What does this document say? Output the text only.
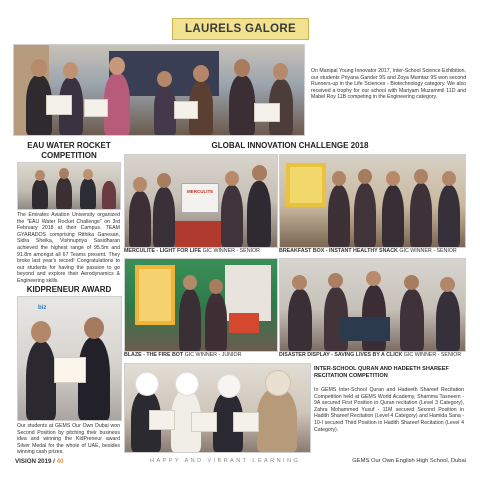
LAURELS GALORE
On Manipal Young Innovator 2017, Inter-School Science Exhibition, our students Priyana Gander 9S and Zoya Mumtaz 9S won second Runners-up in the Life Sciences - Biotechnology category. We also received a trophy for our school with Mariyam Muzammil 11D and Mabel Roy 11B competing in the Engineering category.
EAU WATER ROCKET COMPETITION
The Emirates Aviation University organized the "EAU Water Rocket Challenge" on 3rd February 2018 at their Campus. TEAM GYARADOS comprising Rithika Ganesan, Sidra Sheika, Vishnupriya Sasidharan achieved the highest range of 95.5m and 91.8m amongst all 67 Teams present. They broke last year's record! Congratulations to our students for having the passion to go beyond and explore their Aerodynamics & Engineering skills.
KIDPRENEUR AWARD
biz
Our students at GEMS Our Own Dubai won Second Position by pitching their business idea and winning the KidPreneur award Silver Medal for the whole of UAE, besides winning cash prizes.
GLOBAL INNOVATION CHALLENGE 2018
MERCULITE
MERCULITE - LIGHT FOR LIFE GIC WINNER - SENIOR	BREAKFAST BOX - INSTANT HEALTHY SNACK GIC WINNER - SENIOR
BLAZE - THE FIRE BOT GIC WINNER - JUNIOR	DISASTER DISPLAY - SAVING LIVES BY A CLICK GIC WINNER - SENIOR
INTER-SCHOOL QURAN AND HADEETH SHAREEF RECITATION COMPETITION
In GEMS Inter-School Quran and Hadeeth Shareef Recitation Competition held at GEMS World Academy, Shamma Tasneem - 9A secured First Position in Quran recitation (Level 3 Category), Zahra Mohammed Yusuf - 11M secured Second Position in Hadith Shareef Recitation (Level 4 Category) and Hamida Sana - 10-I secured Third Position in Hadith Shareef Recitation (Level 4 Category).
VISION 2019 / 40	HAPPY AND VIBRANT LEARNING	GEMS Our Own English High School, Dubai
